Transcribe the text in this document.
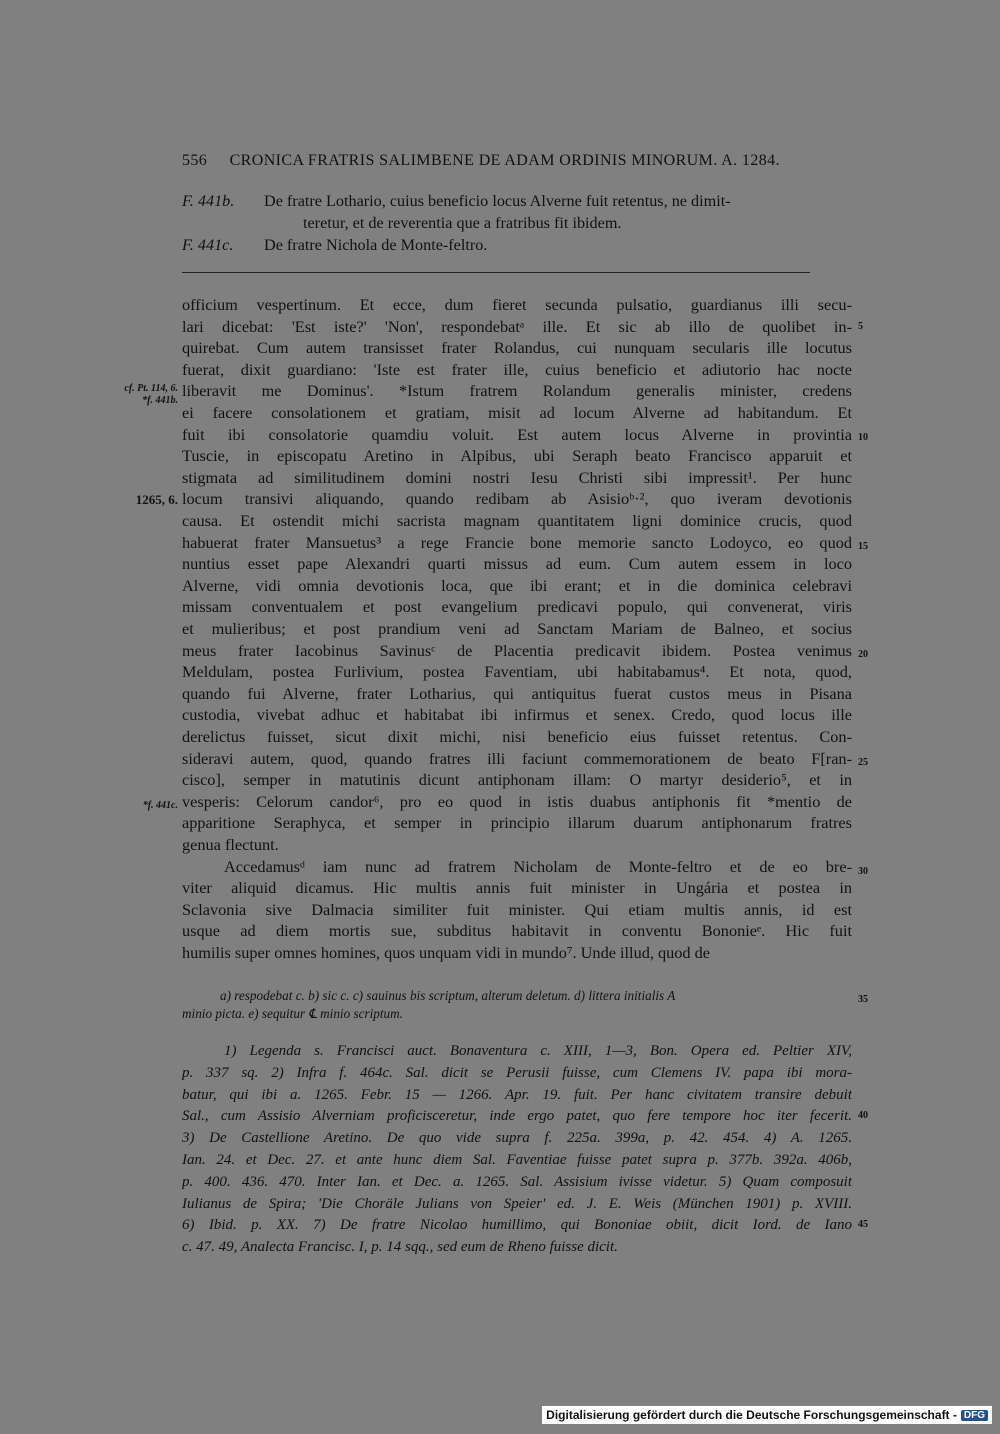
556 CRONICA FRATRIS SALIMBENE DE ADAM ORDINIS MINORUM. A. 1284.
F. 441b. De fratre Lothario, cuius beneficio locus Alverne fuit retentus, ne dimit-
teretur, et de reverentia que a fratribus fit ibidem.
F. 441c. De fratre Nichola de Monte-feltro.
officium vespertinum. Et ecce, dum fieret secunda pulsatio, guardianus illi secu-
lari dicebat: 'Est iste?' 'Non', respondebatᵃ ille. Et sic ab illo de quolibet in-
quirebat. Cum autem transisset frater Rolandus, cui nunquam secularis ille locutus
fuerat, dixit guardiano: 'Iste est frater ille, cuius beneficio et adiutorio hac nocte
liberavit me Dominus'. *Istum fratrem Rolandum generalis minister, credens
ei facere consolationem et gratiam, misit ad locum Alverne ad habitandum. Et
fuit ibi consolatorie quamdiu voluit. Est autem locus Alverne in provintia
Tuscie, in episcopatu Aretino in Alpibus, ubi Seraph beato Francisco apparuit et
stigmata ad similitudinem domini nostri Iesu Christi sibi impressit¹. Per hunc
locum transivi aliquando, quando redibam ab Asisioᵇ·², quo iveram devotionis
causa. Et ostendit michi sacrista magnam quantitatem ligni dominice crucis, quod
habuerat frater Mansuetus³ a rege Francie bone memorie sancto Lodoyco, eo quod
nuntius esset pape Alexandri quarti missus ad eum. Cum autem essem in loco
Alverne, vidi omnia devotionis loca, que ibi erant; et in die dominica celebravi
missam conventualem et post evangelium predicavi populo, qui convenerat, viris
et mulieribus; et post prandium veni ad Sanctam Mariam de Balneo, et socius
meus frater Iacobinus Savinusᶜ de Placentia predicavit ibidem. Postea venimus
Meldulam, postea Furlivium, postea Faventiam, ubi habitabamus⁴. Et nota, quod,
quando fui Alverne, frater Lotharius, qui antiquitus fuerat custos meus in Pisana
custodia, vivebat adhuc et habitabat ibi infirmus et senex. Credo, quod locus ille
derelictus fuisset, sicut dixit michi, nisi beneficio eius fuisset retentus. Con-
sideravi autem, quod, quando fratres illi faciunt commemorationem de beato F[ran-
cisco], semper in matutinis dicunt antiphonam illam: O martyr desiderio⁵, et in
vesperis: Celorum candor⁶, pro eo quod in istis duabus antiphonis fit *mentio de
apparitione Seraphyca, et semper in principio illarum duarum antiphonarum fratres
genua flectunt.
Accedamusᵈ iam nunc ad fratrem Nicholam de Monte-feltro et de eo bre-
viter aliquid dicamus. Hic multis annis fuit minister in Ungária et postea in
Sclavonia sive Dalmacia similiter fuit minister. Qui etiam multis annis, id est
usque ad diem mortis sue, subditus habitavit in conventu Bononieᵉ. Hic fuit
humilis super omnes homines, quos unquam vidi in mundo⁷. Unde illud, quod de
5
10
15
20
25
30
35
40
45
cf. Pt. 114, 6.
*f. 441b.
1265, 6.
*f. 441c.
a) respodebat c. b) sic c. c) sauinus bis scriptum, alterum deletum. d) littera initialis A
minio picta. e) sequitur ℄ minio scriptum.
1) Legenda s. Francisci auct. Bonaventura c. XIII, 1—3, Bon. Opera ed. Peltier XIV,
p. 337 sq. 2) Infra f. 464c. Sal. dicit se Perusii fuisse, cum Clemens IV. papa ibi mora-
batur, qui ibi a. 1265. Febr. 15 — 1266. Apr. 19. fuit. Per hanc civitatem transire debuit
Sal., cum Assisio Alverniam proficisceretur, inde ergo patet, quo fere tempore hoc iter fecerit.
3) De Castellione Aretino. De quo vide supra f. 225a. 399a, p. 42. 454. 4) A. 1265.
Ian. 24. et Dec. 27. et ante hunc diem Sal. Faventiae fuisse patet supra p. 377b. 392a. 406b,
p. 400. 436. 470. Inter Ian. et Dec. a. 1265. Sal. Assisium ivisse videtur. 5) Quam composuit
Iulianus de Spira; 'Die Choräle Julians von Speier' ed. J. E. Weis (München 1901) p. XVIII.
6) Ibid. p. XX. 7) De fratre Nicolao humillimo, qui Bononiae obiit, dicit Iord. de Iano
c. 47. 49, Analecta Francisc. I, p. 14 sqq., sed eum de Rheno fuisse dicit.
Digitalisierung gefördert durch die Deutsche Forschungsgemeinschaft - DFG
